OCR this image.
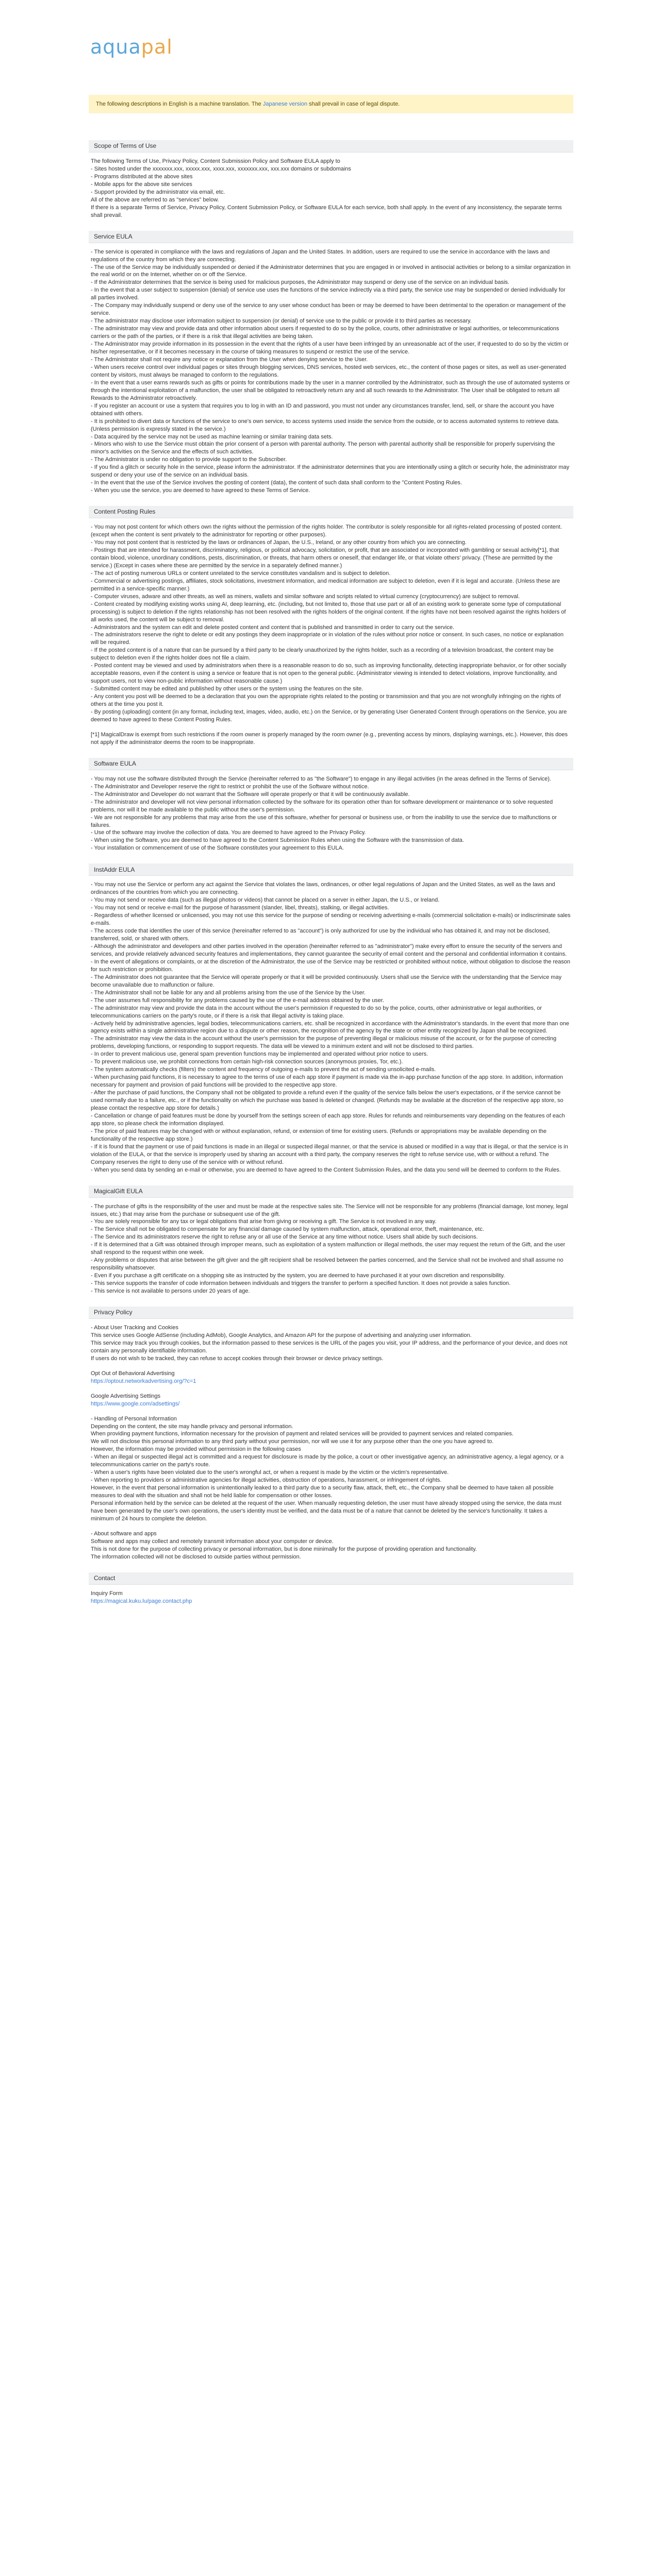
aquapal
The following descriptions in English is a machine translation. The
Japanese version
shall prevail in case of legal dispute.
Scope of Terms of Use
The following Terms of Use, Privacy Policy, Content Submission Policy and Software EULA apply to
- Sites hosted under the xxxxxxx.xxx, xxxxx.xxx, xxxx.xxx, xxxxxxx.xxx, xxx.xxx domains or subdomains
- Programs distributed at the above sites
- Mobile apps for the above site services
- Support provided by the administrator via email, etc.
All of the above are referred to as "services" below.
If there is a separate Terms of Service, Privacy Policy, Content Submission Policy, or Software EULA for each service, both shall apply. In the event of any inconsistency, the separate terms shall prevail.
Service EULA
- The service is operated in compliance with the laws and regulations of Japan and the United States. In addition, users are required to use the service in accordance with the laws and regulations of the country from which they are connecting.
- The use of the Service may be individually suspended or denied if the Administrator determines that you are engaged in or involved in antisocial activities or belong to a similar organization in the real world or on the Internet, whether on or off the Service.
- If the Administrator determines that the service is being used for malicious purposes, the Administrator may suspend or deny use of the service on an individual basis.
- In the event that a user subject to suspension (denial) of service use uses the functions of the service indirectly via a third party, the service use may be suspended or denied individually for all parties involved.
- The Company may individually suspend or deny use of the service to any user whose conduct has been or may be deemed to have been detrimental to the operation or management of the service.
- The administrator may disclose user information subject to suspension (or denial) of service use to the public or provide it to third parties as necessary.
- The administrator may view and provide data and other information about users if requested to do so by the police, courts, other administrative or legal authorities, or telecommunications carriers or the path of the parties, or if there is a risk that illegal activities are being taken.
- The Administrator may provide information in its possession in the event that the rights of a user have been infringed by an unreasonable act of the user, if requested to do so by the victim or his/her representative, or if it becomes necessary in the course of taking measures to suspend or restrict the use of the service.
- The Administrator shall not require any notice or explanation from the User when denying service to the User.
- When users receive control over individual pages or sites through blogging services, DNS services, hosted web services, etc., the content of those pages or sites, as well as user-generated content by visitors, must always be managed to conform to the regulations.
- In the event that a user earns rewards such as gifts or points for contributions made by the user in a manner controlled by the Administrator, such as through the use of automated systems or through the intentional exploitation of a malfunction, the user shall be obligated to retroactively return any and all such rewards to the Administrator. The User shall be obligated to return all Rewards to the Administrator retroactively.
- If you register an account or use a system that requires you to log in with an ID and password, you must not under any circumstances transfer, lend, sell, or share the account you have obtained with others.
- It is prohibited to divert data or functions of the service to one's own service, to access systems used inside the service from the outside, or to access automated systems to retrieve data. (Unless permission is expressly stated in the service.)
- Data acquired by the service may not be used as machine learning or similar training data sets.
- Minors who wish to use the Service must obtain the prior consent of a person with parental authority. The person with parental authority shall be responsible for properly supervising the minor's activities on the Service and the effects of such activities.
- The Administrator is under no obligation to provide support to the Subscriber.
- If you find a glitch or security hole in the service, please inform the administrator. If the administrator determines that you are intentionally using a glitch or security hole, the administrator may suspend or deny your use of the service on an individual basis.
- In the event that the use of the Service involves the posting of content (data), the content of such data shall conform to the "Content Posting Rules.
- When you use the service, you are deemed to have agreed to these Terms of Service.
Content Posting Rules
- You may not post content for which others own the rights without the permission of the rights holder. The contributor is solely responsible for all rights-related processing of posted content. (except when the content is sent privately to the administrator for reporting or other purposes).
- You may not post content that is restricted by the laws or ordinances of Japan, the U.S., Ireland, or any other country from which you are connecting.
- Postings that are intended for harassment, discriminatory, religious, or political advocacy, solicitation, or profit, that are associated or incorporated with gambling or sexual activity[*1], that contain blood, violence, unordinary conditions, pests, discrimination, or threats, that harm others or oneself, that endanger life, or that violate others' privacy. (These are permitted by the service.) (Except in cases where these are permitted by the service in a separately defined manner.)
- The act of posting numerous URLs or content unrelated to the service constitutes vandalism and is subject to deletion.
- Commercial or advertising postings, affiliates, stock solicitations, investment information, and medical information are subject to deletion, even if it is legal and accurate. (Unless these are permitted in a service-specific manner.)
- Computer viruses, adware and other threats, as well as miners, wallets and similar software and scripts related to virtual currency (cryptocurrency) are subject to removal.
- Content created by modifying existing works using AI, deep learning, etc. (including, but not limited to, those that use part or all of an existing work to generate some type of computational processing) is subject to deletion if the rights relationship has not been resolved with the rights holders of the original content. If the rights have not been resolved against the rights holders of all works used, the content will be subject to removal.
- Administrators and the system can edit and delete posted content and content that is published and transmitted in order to carry out the service.
- The administrators reserve the right to delete or edit any postings they deem inappropriate or in violation of the rules without prior notice or consent. In such cases, no notice or explanation will be required.
- If the posted content is of a nature that can be pursued by a third party to be clearly unauthorized by the rights holder, such as a recording of a television broadcast, the content may be subject to deletion even if the rights holder does not file a claim.
- Posted content may be viewed and used by administrators when there is a reasonable reason to do so, such as improving functionality, detecting inappropriate behavior, or for other socially acceptable reasons, even if the content is using a service or feature that is not open to the general public. (Administrator viewing is intended to detect violations, improve functionality, and support users, not to view non-public information without reasonable cause.)
- Submitted content may be edited and published by other users or the system using the features on the site.
- Any content you post will be deemed to be a declaration that you own the appropriate rights related to the posting or transmission and that you are not wrongfully infringing on the rights of others at the time you post it.
- By posting (uploading) content (in any format, including text, images, video, audio, etc.) on the Service, or by generating User Generated Content through operations on the Service, you are deemed to have agreed to these Content Posting Rules.
[*1] MagicalDraw is exempt from such restrictions if the room owner is properly managed by the room owner (e.g., preventing access by minors, displaying warnings, etc.). However, this does not apply if the administrator deems the room to be inappropriate.
Software EULA
- You may not use the software distributed through the Service (hereinafter referred to as "the Software") to engage in any illegal activities (in the areas defined in the Terms of Service).
- The Administrator and Developer reserve the right to restrict or prohibit the use of the Software without notice.
- The Administrator and Developer do not warrant that the Software will operate properly or that it will be continuously available.
- The administrator and developer will not view personal information collected by the software for its operation other than for software development or maintenance or to solve requested problems, nor will it be made available to the public without the user's permission.
- We are not responsible for any problems that may arise from the use of this software, whether for personal or business use, or from the inability to use the service due to malfunctions or failures.
- Use of the software may involve the collection of data. You are deemed to have agreed to the Privacy Policy.
- When using the Software, you are deemed to have agreed to the Content Submission Rules when using the Software with the transmission of data.
- Your installation or commencement of use of the Software constitutes your agreement to this EULA.
InstAddr EULA
- You may not use the Service or perform any act against the Service that violates the laws, ordinances, or other legal regulations of Japan and the United States, as well as the laws and ordinances of the countries from which you are connecting.
- You may not send or receive data (such as illegal photos or videos) that cannot be placed on a server in either Japan, the U.S., or Ireland.
- You may not send or receive e-mail for the purpose of harassment (slander, libel, threats), stalking, or illegal activities.
- Regardless of whether licensed or unlicensed, you may not use this service for the purpose of sending or receiving advertising e-mails (commercial solicitation e-mails) or indiscriminate sales e-mails.
- The access code that identifies the user of this service (hereinafter referred to as "account") is only authorized for use by the individual who has obtained it, and may not be disclosed, transferred, sold, or shared with others.
- Although the administrator and developers and other parties involved in the operation (hereinafter referred to as "administrator") make every effort to ensure the security of the servers and services, and provide relatively advanced security features and implementations, they cannot guarantee the security of email content and the personal and confidential information it contains.
- In the event of allegations or complaints, or at the discretion of the Administrator, the use of the Service may be restricted or prohibited without notice, without obligation to disclose the reason for such restriction or prohibition.
- The Administrator does not guarantee that the Service will operate properly or that it will be provided continuously. Users shall use the Service with the understanding that the Service may become unavailable due to malfunction or failure.
- The Administrator shall not be liable for any and all problems arising from the use of the Service by the User.
- The user assumes full responsibility for any problems caused by the use of the e-mail address obtained by the user.
- The administrator may view and provide the data in the account without the user's permission if requested to do so by the police, courts, other administrative or legal authorities, or telecommunications carriers on the party's route, or if there is a risk that illegal activity is taking place.
- Actively held by administrative agencies, legal bodies, telecommunications carriers, etc. shall be recognized in accordance with the Administrator's standards. In the event that more than one agency exists within a single administrative region due to a dispute or other reason, the recognition of the agency by the state or other entity recognized by Japan shall be recognized.
- The administrator may view the data in the account without the user's permission for the purpose of preventing illegal or malicious misuse of the account, or for the purpose of correcting problems, developing functions, or responding to support requests. The data will be viewed to a minimum extent and will not be disclosed to third parties.
- In order to prevent malicious use, general spam prevention functions may be implemented and operated without prior notice to users.
- To prevent malicious use, we prohibit connections from certain high-risk connection sources (anonymous proxies, Tor, etc.).
- The system automatically checks (filters) the content and frequency of outgoing e-mails to prevent the act of sending unsolicited e-mails.
- When purchasing paid functions, it is necessary to agree to the terms of use of each app store if payment is made via the in-app purchase function of the app store. In addition, information necessary for payment and provision of paid functions will be provided to the respective app store.
- After the purchase of paid functions, the Company shall not be obligated to provide a refund even if the quality of the service falls below the user's expectations, or if the service cannot be used normally due to a failure, etc., or if the functionality on which the purchase was based is deleted or changed. (Refunds may be available at the discretion of the respective app store, so please contact the respective app store for details.)
- Cancellation or change of paid features must be done by yourself from the settings screen of each app store. Rules for refunds and reimbursements vary depending on the features of each app store, so please check the information displayed.
- The price of paid features may be changed with or without explanation, refund, or extension of time for existing users. (Refunds or appropriations may be available depending on the functionality of the respective app store.)
- If it is found that the payment or use of paid functions is made in an illegal or suspected illegal manner, or that the service is abused or modified in a way that is illegal, or that the service is in violation of the EULA, or that the service is improperly used by sharing an account with a third party, the company reserves the right to refuse service use, with or without a refund. The Company reserves the right to deny use of the service with or without refund.
- When you send data by sending an e-mail or otherwise, you are deemed to have agreed to the Content Submission Rules, and the data you send will be deemed to conform to the Rules.
MagicalGift EULA
- The purchase of gifts is the responsibility of the user and must be made at the respective sales site. The Service will not be responsible for any problems (financial damage, lost money, legal issues, etc.) that may arise from the purchase or subsequent use of the gift.
- You are solely responsible for any tax or legal obligations that arise from giving or receiving a gift. The Service is not involved in any way.
- The Service shall not be obligated to compensate for any financial damage caused by system malfunction, attack, operational error, theft, maintenance, etc.
- The Service and its administrators reserve the right to refuse any or all use of the Service at any time without notice. Users shall abide by such decisions.
- If it is determined that a Gift was obtained through improper means, such as exploitation of a system malfunction or illegal methods, the user may request the return of the Gift, and the user shall respond to the request within one week.
- Any problems or disputes that arise between the gift giver and the gift recipient shall be resolved between the parties concerned, and the Service shall not be involved and shall assume no responsibility whatsoever.
- Even if you purchase a gift certificate on a shopping site as instructed by the system, you are deemed to have purchased it at your own discretion and responsibility.
- This service supports the transfer of code information between individuals and triggers the transfer to perform a specified function. It does not provide a sales function.
- This service is not available to persons under 20 years of age.
Privacy Policy
- About User Tracking and Cookies
This service uses Google AdSense (including AdMob), Google Analytics, and Amazon API for the purpose of advertising and analyzing user information.
This service may track you through cookies, but the information passed to these services is the URL of the pages you visit, your IP address, and the performance of your device, and does not contain any personally identifiable information.
If users do not wish to be tracked, they can refuse to accept cookies through their browser or device privacy settings.
Opt Out of Behavioral Advertising
https://optout.networkadvertising.org/?c=1
Google Advertising Settings
https://www.google.com/adsettings/
- Handling of Personal Information
Depending on the content, the site may handle privacy and personal information.
When providing payment functions, information necessary for the provision of payment and related services will be provided to payment services and related companies.
We will not disclose this personal information to any third party without your permission, nor will we use it for any purpose other than the one you have agreed to.
However, the information may be provided without permission in the following cases
- When an illegal or suspected illegal act is committed and a request for disclosure is made by the police, a court or other investigative agency, an administrative agency, a legal agency, or a telecommunications carrier on the party's route.
- When a user's rights have been violated due to the user's wrongful act, or when a request is made by the victim or the victim's representative.
- When reporting to providers or administrative agencies for illegal activities, obstruction of operations, harassment, or infringement of rights.
However, in the event that personal information is unintentionally leaked to a third party due to a security flaw, attack, theft, etc., the Company shall be deemed to have taken all possible measures to deal with the situation and shall not be held liable for compensation or other losses.
Personal information held by the service can be deleted at the request of the user. When manually requesting deletion, the user must have already stopped using the service, the data must have been generated by the user's own operations, the user's identity must be verified, and the data must be of a nature that cannot be deleted by the service's functionality. It takes a minimum of 24 hours to complete the deletion.
- About software and apps
Software and apps may collect and remotely transmit information about your computer or device.
This is not done for the purpose of collecting privacy or personal information, but is done minimally for the purpose of providing operation and functionality.
The information collected will not be disclosed to outside parties without permission.
Contact
Inquiry Form
https://magical.kuku.lu/page.contact.php
